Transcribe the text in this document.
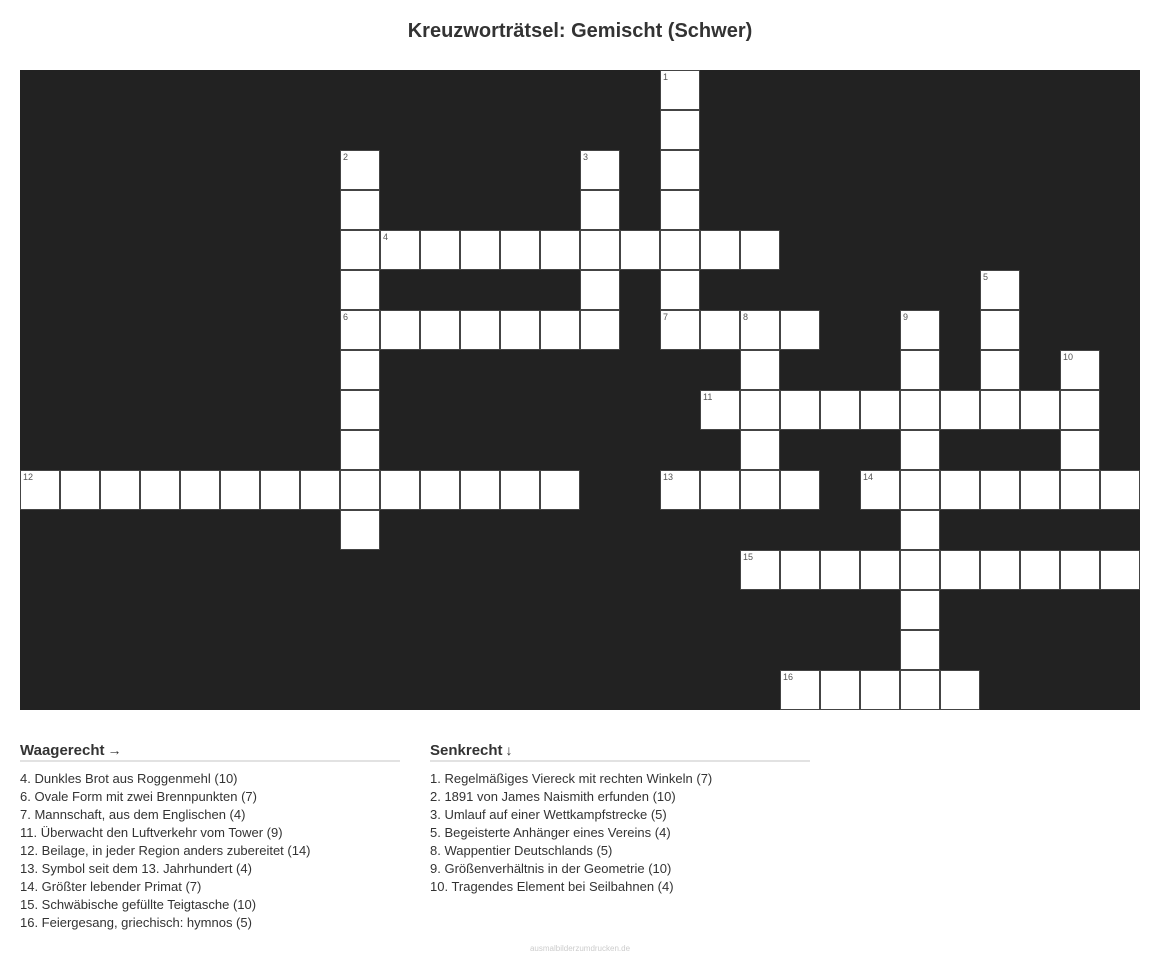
Kreuzworträtsel: Gemischt (Schwer)
1
2	3
4
5
6	7	8	9
10
11
12	13	14
15
16
Waagerecht →
4. Dunkles Brot aus Roggenmehl (10)
6. Ovale Form mit zwei Brennpunkten (7)
7. Mannschaft, aus dem Englischen (4)
11. Überwacht den Luftverkehr vom Tower (9)
12. Beilage, in jeder Region anders zubereitet (14)
13. Symbol seit dem 13. Jahrhundert (4)
14. Größter lebender Primat (7)
15. Schwäbische gefüllte Teigtasche (10)
16. Feiergesang, griechisch: hymnos (5)
Senkrecht ↓
1. Regelmäßiges Viereck mit rechten Winkeln (7)
2. 1891 von James Naismith erfunden (10)
3. Umlauf auf einer Wettkampfstrecke (5)
5. Begeisterte Anhänger eines Vereins (4)
8. Wappentier Deutschlands (5)
9. Größenverhältnis in der Geometrie (10)
10. Tragendes Element bei Seilbahnen (4)
ausmalbilderzumdrucken.de
